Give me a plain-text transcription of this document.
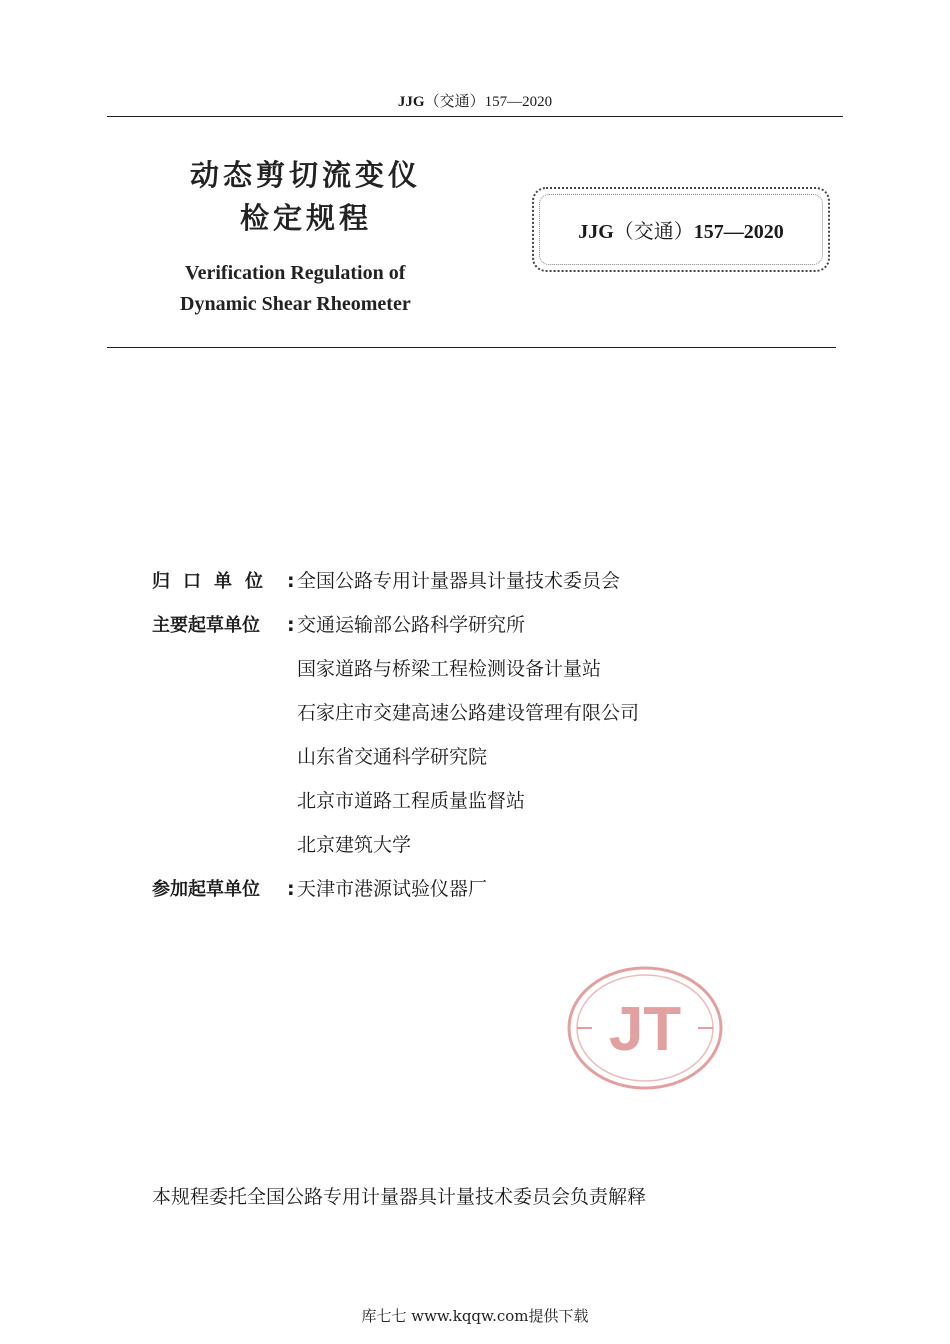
JJG（交通）157—2020
动态剪切流变仪
检定规程
Verification Regulation of
Dynamic Shear Rheometer
JJG（交通）157—2020
归口单位 : 全国公路专用计量器具计量技术委员会
主要起草单位 : 交通运输部公路科学研究所
国家道路与桥梁工程检测设备计量站
石家庄市交建高速公路建设管理有限公司
山东省交通科学研究院
北京市道路工程质量监督站
北京建筑大学
参加起草单位 : 天津市港源试验仪器厂
JT
本规程委托全国公路专用计量器具计量技术委员会负责解释
库七七 www.kqqw.com提供下载
